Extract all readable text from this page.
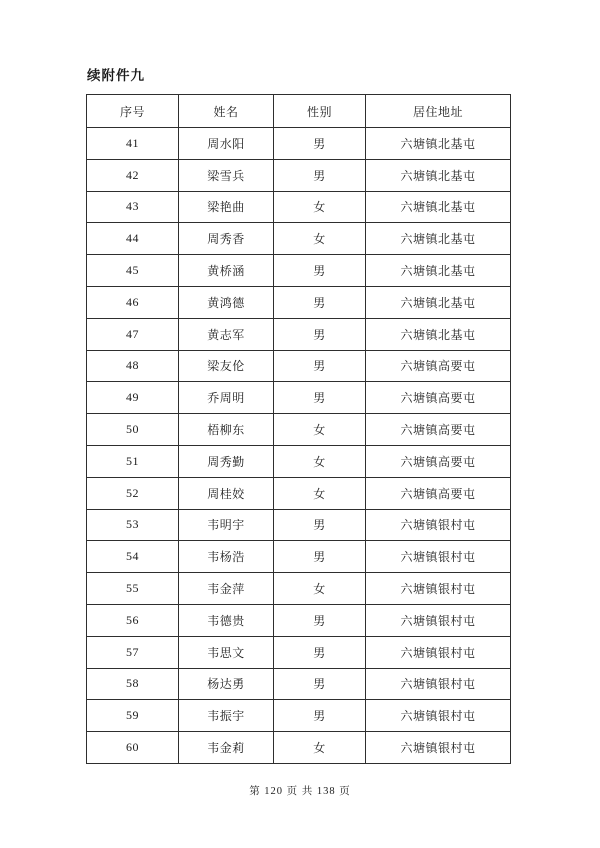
续附件九
序号	姓名	性别	居住地址
41	周水阳	男	六塘镇北基屯
42	梁雪兵	男	六塘镇北基屯
43	梁艳曲	女	六塘镇北基屯
44	周秀香	女	六塘镇北基屯
45	黄桥涵	男	六塘镇北基屯
46	黄鸿德	男	六塘镇北基屯
47	黄志军	男	六塘镇北基屯
48	梁友伦	男	六塘镇高要屯
49	乔周明	男	六塘镇高要屯
50	梧柳东	女	六塘镇高要屯
51	周秀勤	女	六塘镇高要屯
52	周桂姣	女	六塘镇高要屯
53	韦明宇	男	六塘镇银村屯
54	韦杨浩	男	六塘镇银村屯
55	韦金萍	女	六塘镇银村屯
56	韦德贵	男	六塘镇银村屯
57	韦思文	男	六塘镇银村屯
58	杨达勇	男	六塘镇银村屯
59	韦振宇	男	六塘镇银村屯
60	韦金莉	女	六塘镇银村屯
第 120 页 共 138 页
